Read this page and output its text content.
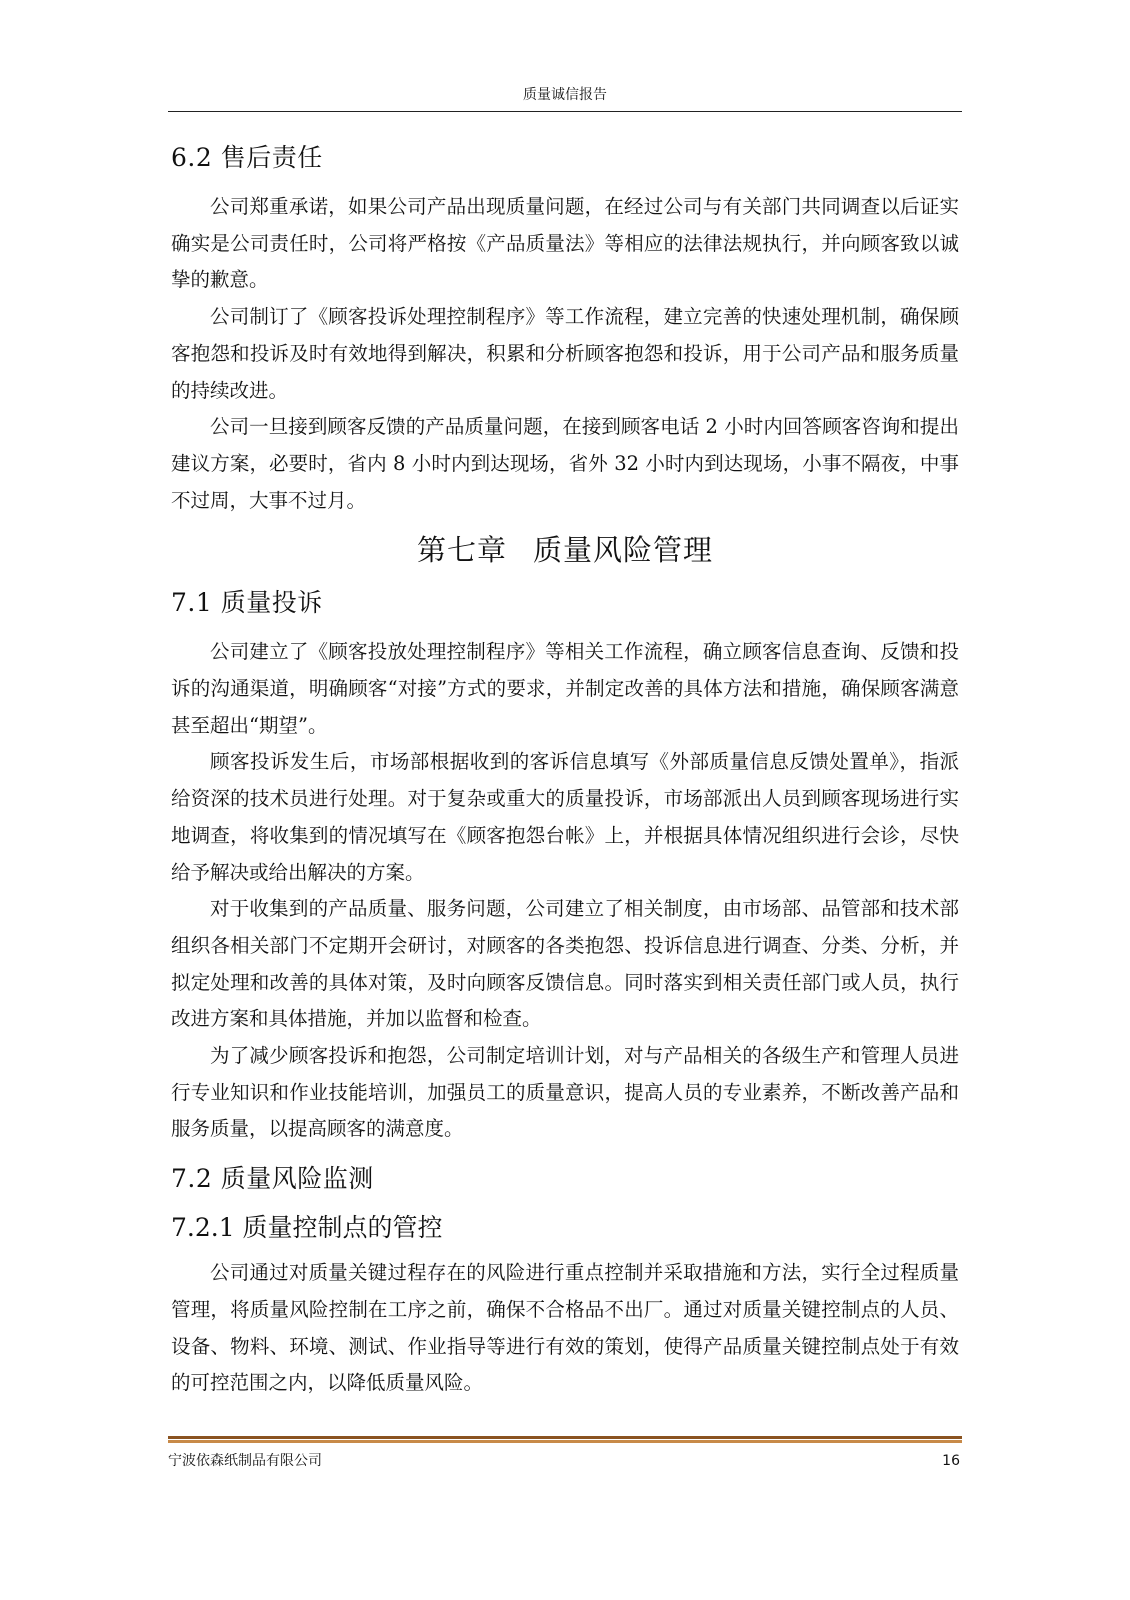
质量诚信报告
6.2 售后责任

公司郑重承诺，如果公司产品出现质量问题，在经过公司与有关部门共同调查以后证实确实是公司责任时，公司将严格按《产品质量法》等相应的法律法规执行，并向顾客致以诚挚的歉意。

公司制订了《顾客投诉处理控制程序》等工作流程，建立完善的快速处理机制，确保顾客抱怨和投诉及时有效地得到解决，积累和分析顾客抱怨和投诉，用于公司产品和服务质量的持续改进。

公司一旦接到顾客反馈的产品质量问题，在接到顾客电话 2 小时内回答顾客咨询和提出建议方案，必要时，省内 8 小时内到达现场，省外 32 小时内到达现场，小事不隔夜，中事不过周，大事不过月。

第七章 质量风险管理
7.1 质量投诉

公司建立了《顾客投放处理控制程序》等相关工作流程，确立顾客信息查询、反馈和投诉的沟通渠道，明确顾客“对接”方式的要求，并制定改善的具体方法和措施，确保顾客满意甚至超出“期望”。

顾客投诉发生后，市场部根据收到的客诉信息填写《外部质量信息反馈处置单》，指派给资深的技术员进行处理。对于复杂或重大的质量投诉，市场部派出人员到顾客现场进行实地调查，将收集到的情况填写在《顾客抱怨台帐》上，并根据具体情况组织进行会诊，尽快给予解决或给出解决的方案。

对于收集到的产品质量、服务问题，公司建立了相关制度，由市场部、品管部和技术部组织各相关部门不定期开会研讨，对顾客的各类抱怨、投诉信息进行调查、分类、分析，并拟定处理和改善的具体对策，及时向顾客反馈信息。同时落实到相关责任部门或人员，执行改进方案和具体措施，并加以监督和检查。

为了减少顾客投诉和抱怨，公司制定培训计划，对与产品相关的各级生产和管理人员进行专业知识和作业技能培训，加强员工的质量意识，提高人员的专业素养，不断改善产品和服务质量，以提高顾客的满意度。

7.2 质量风险监测
7.2.1 质量控制点的管控

公司通过对质量关键过程存在的风险进行重点控制并采取措施和方法，实行全过程质量管理，将质量风险控制在工序之前，确保不合格品不出厂。通过对质量关键控制点的人员、设备、物料、环境、测试、作业指导等进行有效的策划，使得产品质量关键控制点处于有效的可控范围之内，以降低质量风险。

宁波依森纸制品有限公司	16
